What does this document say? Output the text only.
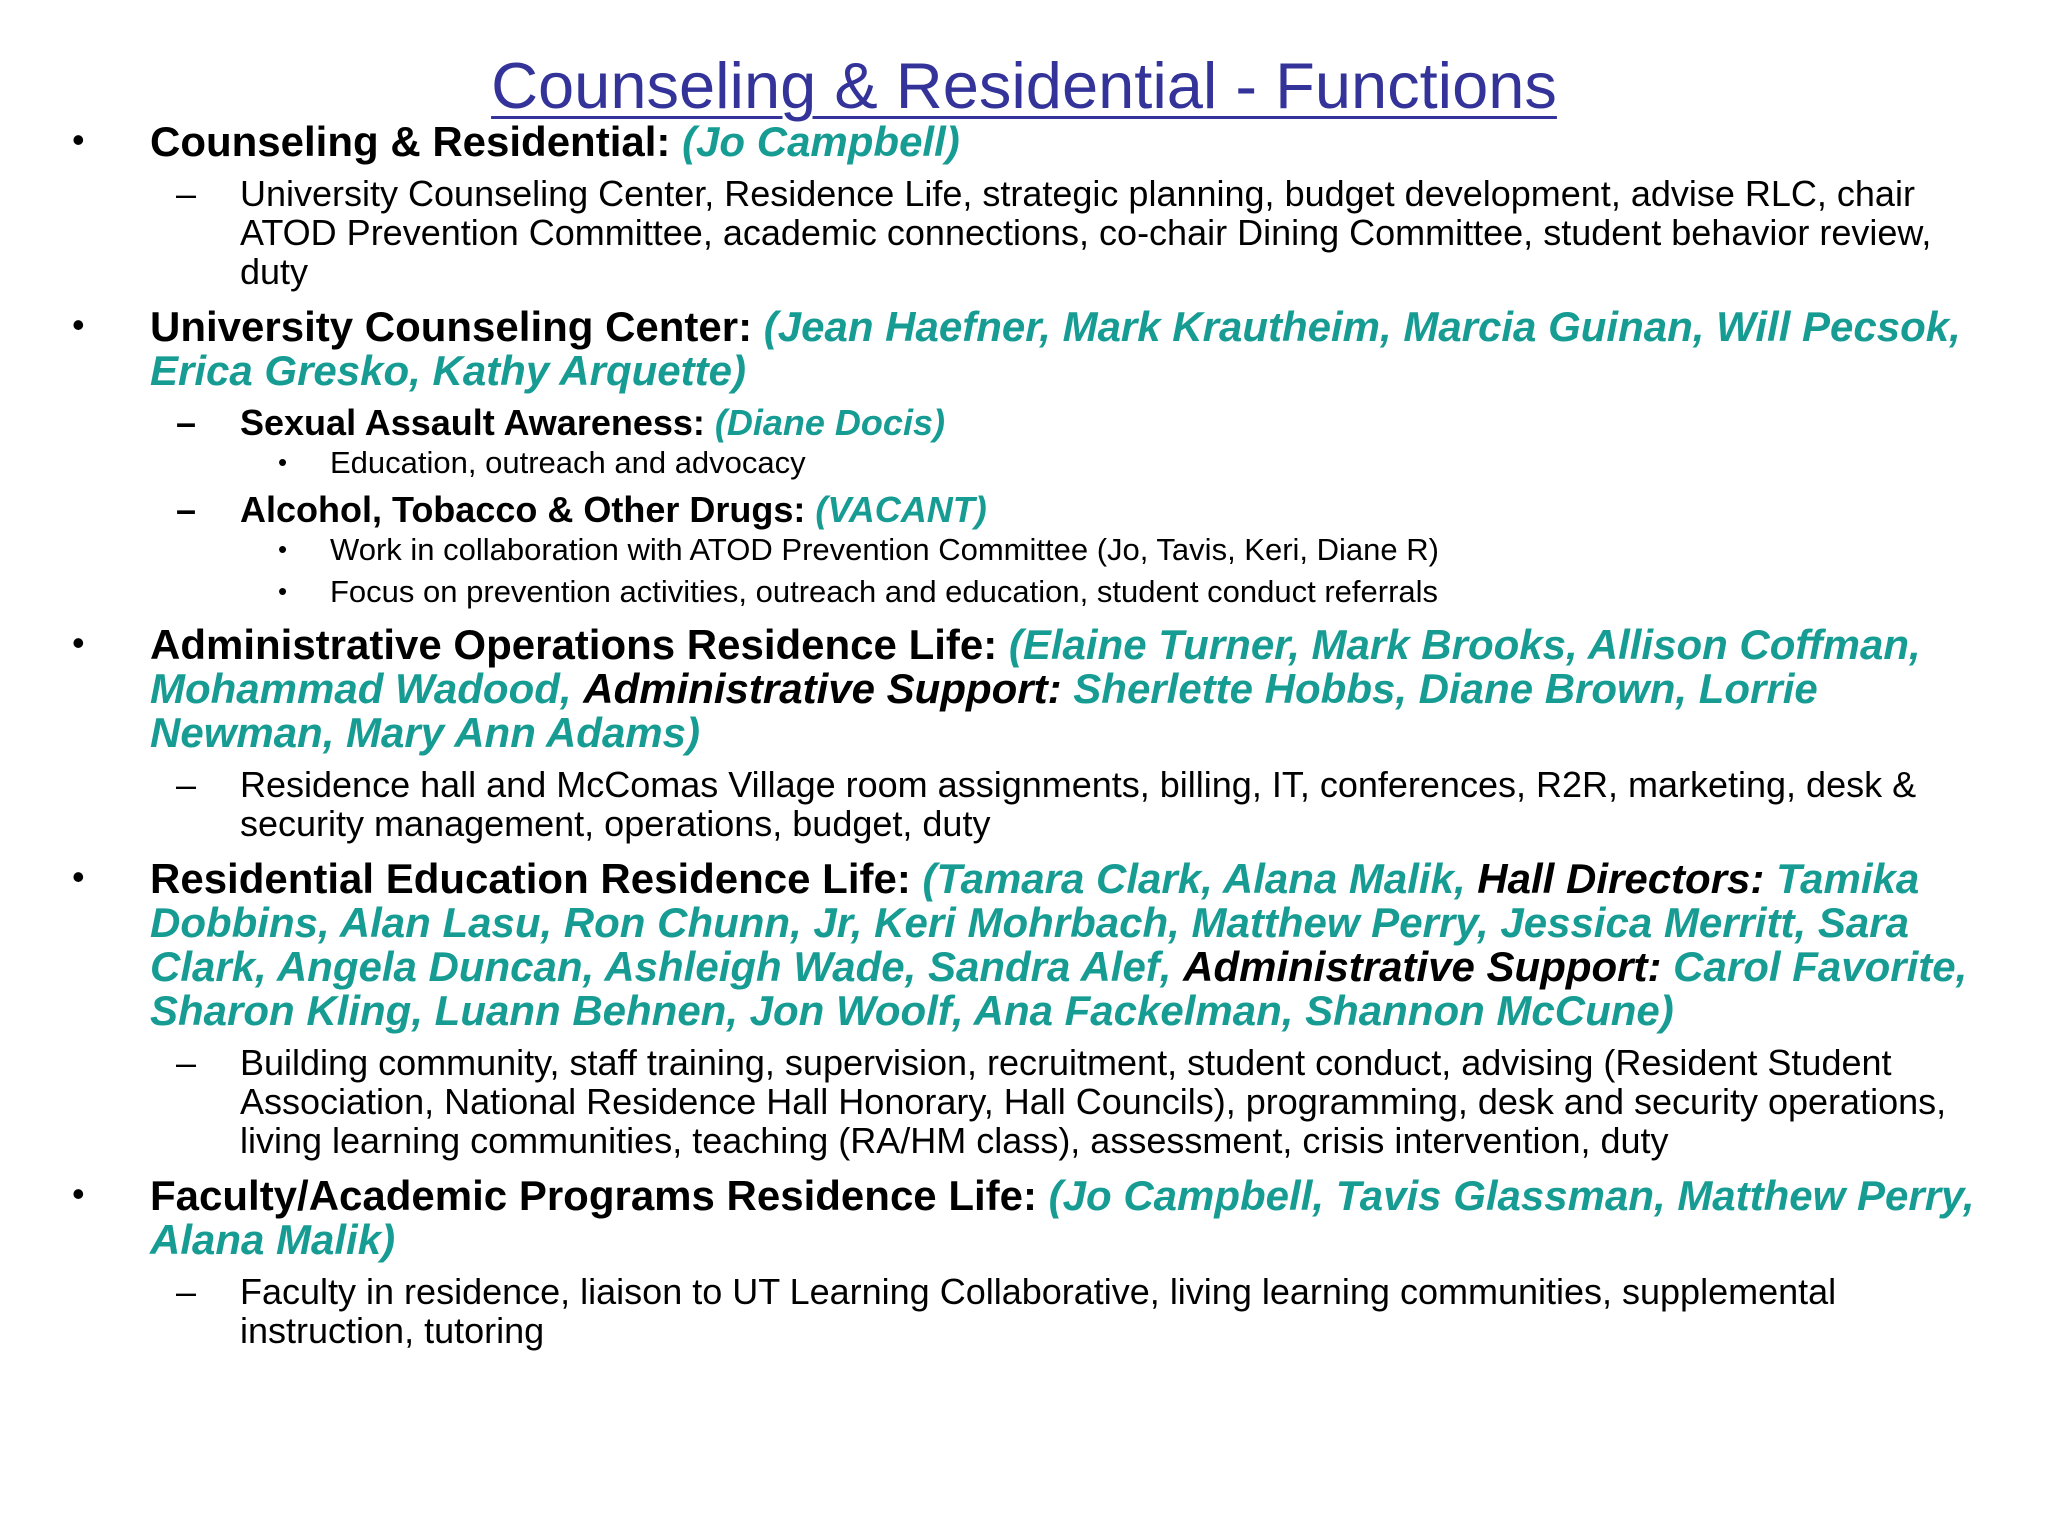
Counseling & Residential - Functions

• Counseling & Residential: (Jo Campbell)

– University Counseling Center, Residence Life, strategic planning, budget development, advise RLC, chair ATOD Prevention Committee, academic connections, co-chair Dining Committee, student behavior review, duty

• University Counseling Center: (Jean Haefner, Mark Krautheim, Marcia Guinan, Will Pecsok, Erica Gresko, Kathy Arquette)

– Sexual Assault Awareness: (Diane Docis)

• Education, outreach and advocacy

– Alcohol, Tobacco & Other Drugs: (VACANT)

• Work in collaboration with ATOD Prevention Committee (Jo, Tavis, Keri, Diane R)

• Focus on prevention activities, outreach and education, student conduct referrals

• Administrative Operations Residence Life: (Elaine Turner, Mark Brooks, Allison Coffman, Mohammad Wadood, Administrative Support: Sherlette Hobbs, Diane Brown, Lorrie Newman, Mary Ann Adams)

– Residence hall and McComas Village room assignments, billing, IT, conferences, R2R, marketing, desk & security management, operations, budget, duty

• Residential Education Residence Life: (Tamara Clark, Alana Malik, Hall Directors: Tamika Dobbins, Alan Lasu, Ron Chunn, Jr, Keri Mohrbach, Matthew Perry, Jessica Merritt, Sara Clark, Angela Duncan, Ashleigh Wade, Sandra Alef, Administrative Support: Carol Favorite, Sharon Kling, Luann Behnen, Jon Woolf, Ana Fackelman, Shannon McCune)

– Building community, staff training, supervision, recruitment, student conduct, advising (Resident Student Association, National Residence Hall Honorary, Hall Councils), programming, desk and security operations, living learning communities, teaching (RA/HM class), assessment, crisis intervention, duty

• Faculty/Academic Programs Residence Life: (Jo Campbell, Tavis Glassman, Matthew Perry, Alana Malik)

– Faculty in residence, liaison to UT Learning Collaborative, living learning communities, supplemental instruction, tutoring
